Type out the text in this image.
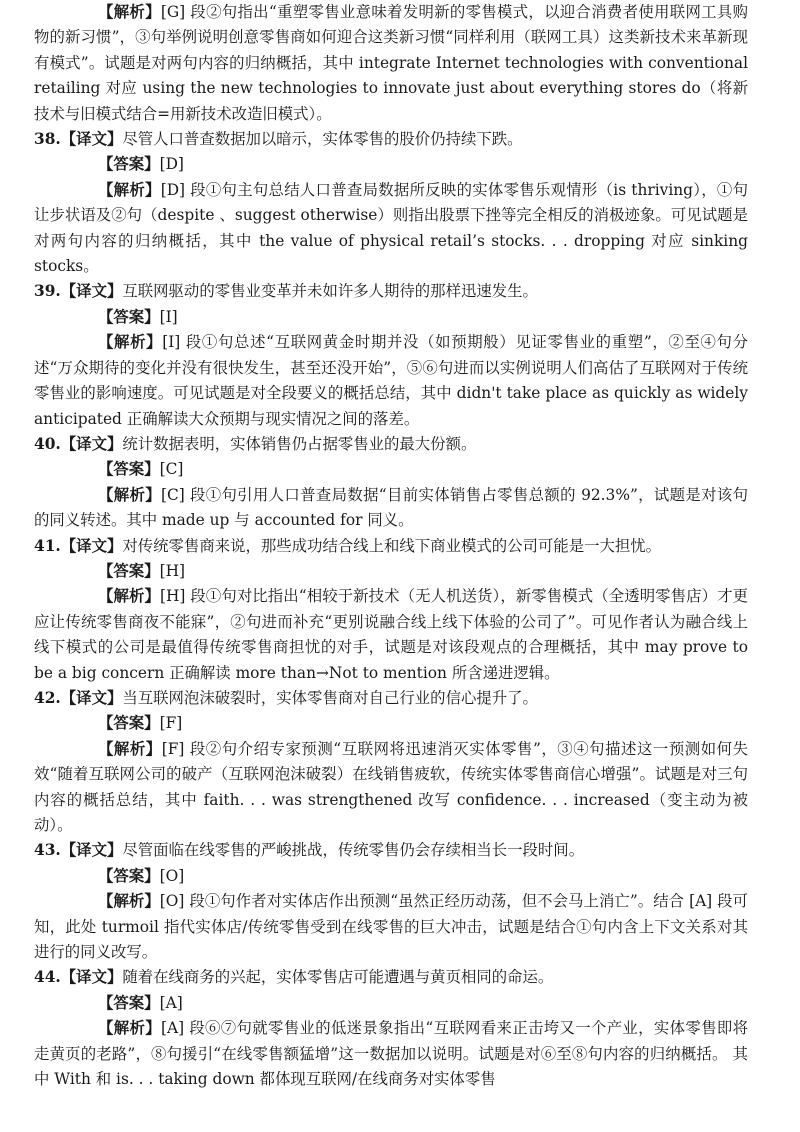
【解析】[G] 段②句指出“重塑零售业意味着发明新的零售模式，以迎合消费者使用联网工具购物的新习惯”，③句举例说明创意零售商如何迎合这类新习惯“同样利用（联网工具）这类新技术来革新现有模式”。试题是对两句内容的归纳概括，其中 integrate Internet technologies with conventional retailing 对应 using the new technologies to innovate just about everything stores do（将新技术与旧模式结合=用新技术改造旧模式）。

38.【译文】尽管人口普查数据加以暗示，实体零售的股价仍持续下跌。

【答案】[D]

【解析】[D] 段①句主句总结人口普查局数据所反映的实体零售乐观情形（is thriving），①句让步状语及②句（despite 、suggest otherwise）则指出股票下挫等完全相反的消极迹象。可见试题是对两句内容的归纳概括，其中 the value of physical retail’s stocks. . . dropping 对应 sinking stocks。

39.【译文】互联网驱动的零售业变革并未如许多人期待的那样迅速发生。

【答案】[I]

【解析】[I] 段①句总述“互联网黄金时期并没（如预期般）见证零售业的重塑”，②至④句分述“万众期待的变化并没有很快发生，甚至还没开始”，⑤⑥句进而以实例说明人们高估了互联网对于传统零售业的影响速度。可见试题是对全段要义的概括总结，其中 didn't take place as quickly as widely anticipated 正确解读大众预期与现实情况之间的落差。

40.【译文】统计数据表明，实体销售仍占据零售业的最大份额。

【答案】[C]

【解析】[C] 段①句引用人口普查局数据“目前实体销售占零售总额的 92.3%”，试题是对该句的同义转述。其中 made up 与 accounted for 同义。

41.【译文】对传统零售商来说，那些成功结合线上和线下商业模式的公司可能是一大担忧。

【答案】[H]

【解析】[H] 段①句对比指出“相较于新技术（无人机送货），新零售模式（全透明零售店）才更应让传统零售商夜不能寐”，②句进而补充“更别说融合线上线下体验的公司了”。可见作者认为融合线上线下模式的公司是最值得传统零售商担忧的对手，试题是对该段观点的合理概括，其中 may prove to be a big concern 正确解读 more than→Not to mention 所含递进逻辑。

42.【译文】当互联网泡沫破裂时，实体零售商对自己行业的信心提升了。

【答案】[F]

【解析】[F] 段②句介绍专家预测“互联网将迅速消灭实体零售”，③④句描述这一预测如何失效“随着互联网公司的破产（互联网泡沫破裂）在线销售疲软，传统实体零售商信心增强”。试题是对三句内容的概括总结，其中 faith. . . was strengthened 改写 confidence. . . increased（变主动为被动）。

43.【译文】尽管面临在线零售的严峻挑战，传统零售仍会存续相当长一段时间。

【答案】[O]

【解析】[O] 段①句作者对实体店作出预测“虽然正经历动荡，但不会马上消亡”。结合 [A] 段可知，此处 turmoil 指代实体店/传统零售受到在线零售的巨大冲击，试题是结合①句内含上下文关系对其进行的同义改写。

44.【译文】随着在线商务的兴起，实体零售店可能遭遇与黄页相同的命运。

【答案】[A]

【解析】[A] 段⑥⑦句就零售业的低迷景象指出“互联网看来正击垮又一个产业，实体零售即将走黄页的老路”，⑧句援引“在线零售额猛增”这一数据加以说明。试题是对⑥至⑧句内容的归纳概括。 其中 With 和 is. . . taking down 都体现互联网/在线商务对实体零售
